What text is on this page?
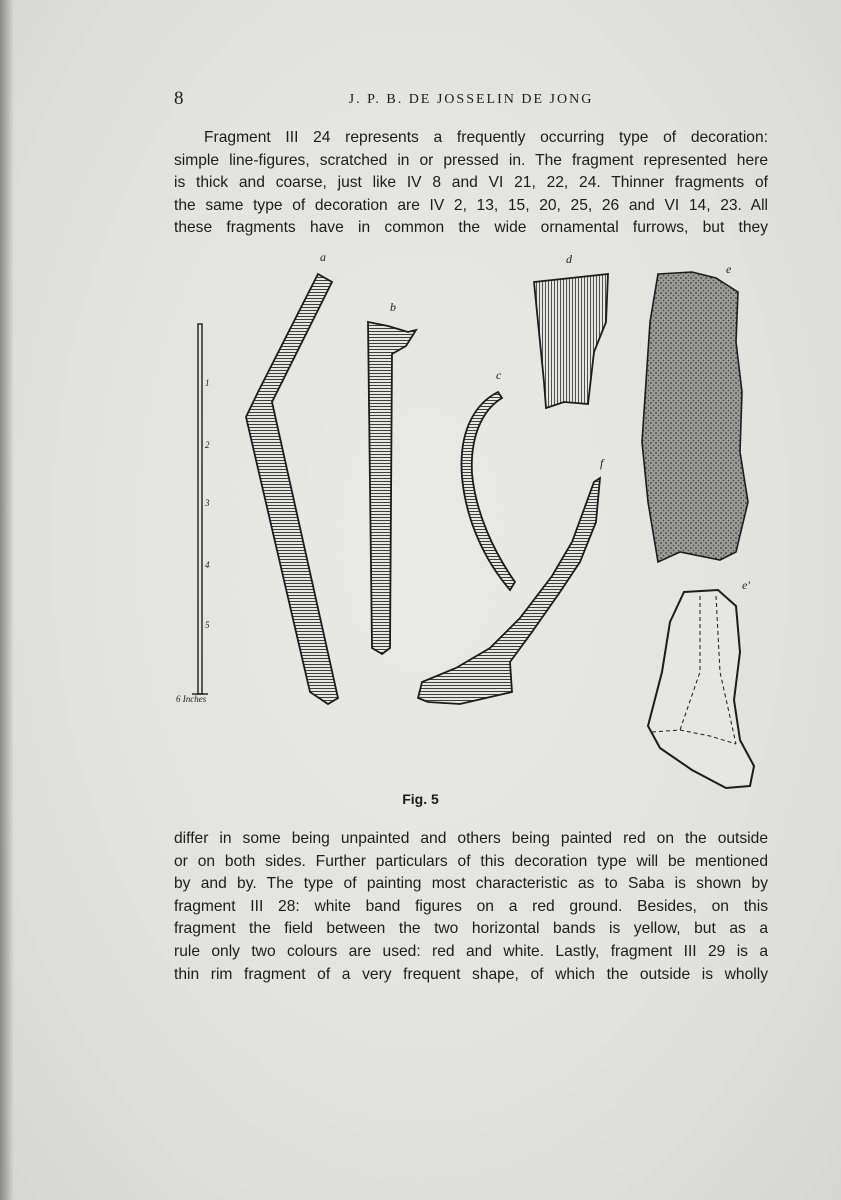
8	J. P. B. DE JOSSELIN DE JONG
Fragment III 24 represents a frequently occurring type of decoration:
simple line-figures, scratched in or pressed in. The fragment represented here
is thick and coarse, just like IV 8 and VI 21, 22, 24. Thinner fragments of
the same type of decoration are IV 2, 13, 15, 20, 25, 26 and VI 14, 23. All
these fragments have in common the wide ornamental furrows, but they
a
b
c
d
e
e'
f
1
2
3
4
5
6 Inches
Fig. 5
differ in some being unpainted and others being painted red on the outside
or on both sides. Further particulars of this decoration type will be mentioned
by and by. The type of painting most characteristic as to Saba is shown by
fragment III 28: white band figures on a red ground. Besides, on this
fragment the field between the two horizontal bands is yellow, but as a
rule only two colours are used: red and white. Lastly, fragment III 29 is a
thin rim fragment of a very frequent shape, of which the outside is wholly
